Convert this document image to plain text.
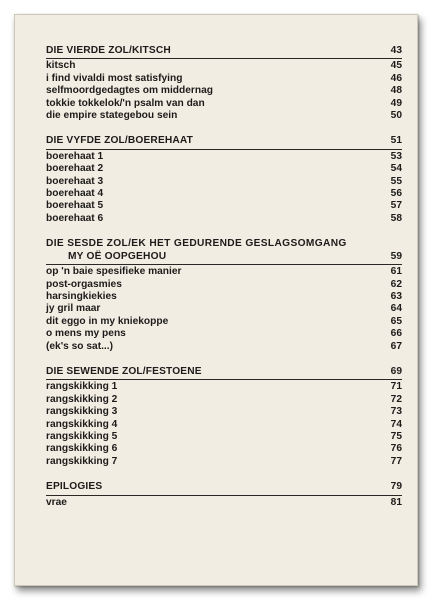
DIE VIERDE ZOL/KITSCH	43
kitsch	45
i find vivaldi most satisfying	46
selfmoordgedagtes om middernag	48
tokkie tokkelok/'n psalm van dan	49
die empire stategebou sein	50
DIE VYFDE ZOL/BOEREHAAT	51
boerehaat 1	53
boerehaat 2	54
boerehaat 3	55
boerehaat 4	56
boerehaat 5	57
boerehaat 6	58
DIE SESDE ZOL/EK HET GEDURENDE GESLAGSOMGANG
MY OË OOPGEHOU	59
op 'n baie spesifieke manier	61
post-orgasmies	62
harsingkiekies	63
jy gril maar	64
dit eggo in my kniekoppe	65
o mens my pens	66
(ek's so sat...)	67
DIE SEWENDE ZOL/FESTOENE	69
rangskikking 1	71
rangskikking 2	72
rangskikking 3	73
rangskikking 4	74
rangskikking 5	75
rangskikking 6	76
rangskikking 7	77
EPILOGIES	79
vrae	81
